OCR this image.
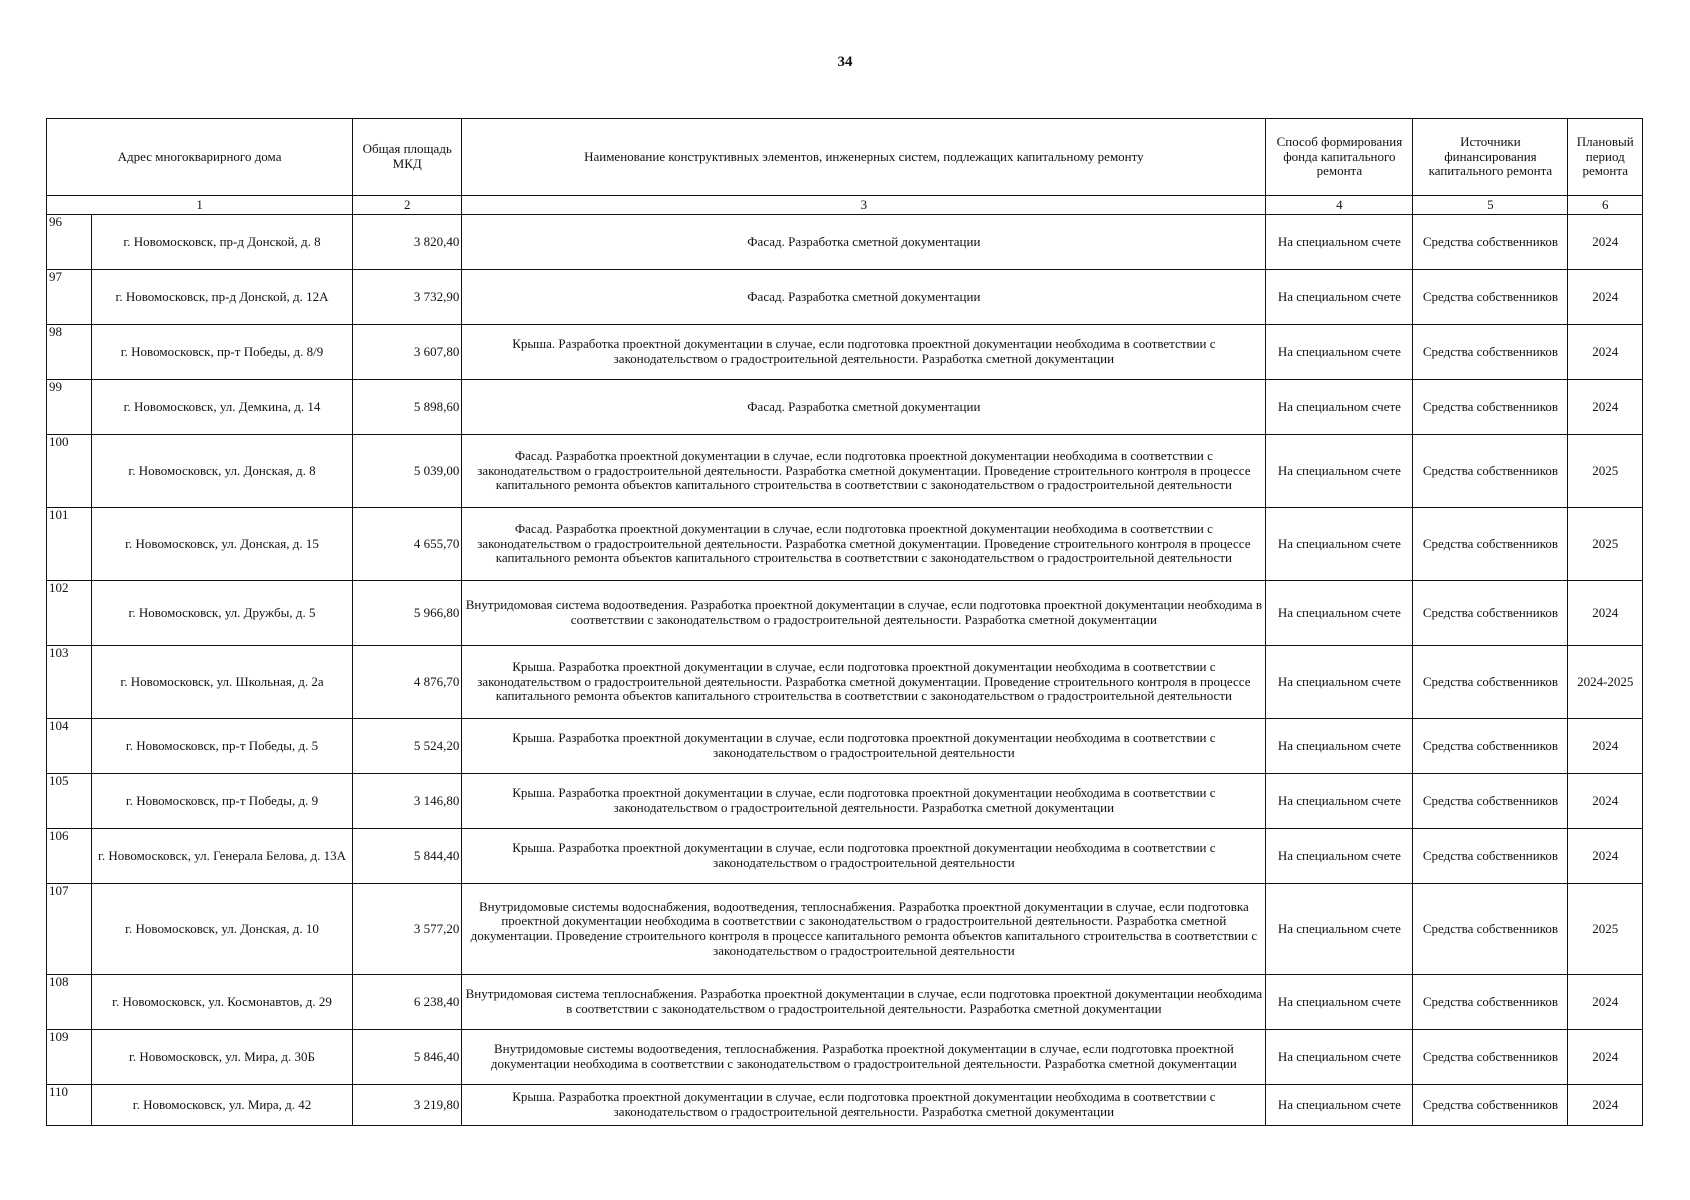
34
Адрес многокварирного дома		Общая площадь МКД	Наименование конструктивных элементов, инженерных систем, подлежащих капитальному ремонту	Способ формирования фонда капитального ремонта	Источники финансирования капитального ремонта	Плановый период ремонта
1		2	3	4	5	6
96	г. Новомосковск, пр-д Донской, д. 8	3 820,40	Фасад. Разработка сметной документации	На специальном счете	Средства собственников	2024
97	г. Новомосковск, пр-д Донской, д. 12А	3 732,90	Фасад. Разработка сметной документации	На специальном счете	Средства собственников	2024
98	г. Новомосковск, пр-т Победы, д. 8/9	3 607,80	Крыша. Разработка проектной документации в случае, если подготовка проектной документации необходима в соответствии с законодательством о градостроительной деятельности. Разработка сметной документации	На специальном счете	Средства собственников	2024
99	г. Новомосковск, ул. Демкина, д. 14	5 898,60	Фасад. Разработка сметной документации	На специальном счете	Средства собственников	2024
100	г. Новомосковск, ул. Донская, д. 8	5 039,00	Фасад. Разработка проектной документации в случае, если подготовка проектной документации необходима в соответствии с законодательством о градостроительной деятельности. Разработка сметной документации. Проведение строительного контроля в процессе капитального ремонта объектов капитального строительства в соответствии с законодательством о градостроительной деятельности	На специальном счете	Средства собственников	2025
101	г. Новомосковск, ул. Донская, д. 15	4 655,70	Фасад. Разработка проектной документации в случае, если подготовка проектной документации необходима в соответствии с законодательством о градостроительной деятельности. Разработка сметной документации. Проведение строительного контроля в процессе капитального ремонта объектов капитального строительства в соответствии с законодательством о градостроительной деятельности	На специальном счете	Средства собственников	2025
102	г. Новомосковск, ул. Дружбы, д. 5	5 966,80	Внутридомовая система водоотведения. Разработка проектной документации в случае, если подготовка проектной документации необходима в соответствии с законодательством о градостроительной деятельности. Разработка сметной документации	На специальном счете	Средства собственников	2024
103	г. Новомосковск, ул. Школьная, д. 2а	4 876,70	Крыша. Разработка проектной документации в случае, если подготовка проектной документации необходима в соответствии с законодательством о градостроительной деятельности. Разработка сметной документации. Проведение строительного контроля в процессе капитального ремонта объектов капитального строительства в соответствии с законодательством о градостроительной деятельности	На специальном счете	Средства собственников	2024-2025
104	г. Новомосковск, пр-т Победы, д. 5	5 524,20	Крыша. Разработка проектной документации в случае, если подготовка проектной документации необходима в соответствии с законодательством о градостроительной деятельности	На специальном счете	Средства собственников	2024
105	г. Новомосковск, пр-т Победы, д. 9	3 146,80	Крыша. Разработка проектной документации в случае, если подготовка проектной документации необходима в соответствии с законодательством о градостроительной деятельности. Разработка сметной документации	На специальном счете	Средства собственников	2024
106	г. Новомосковск, ул. Генерала Белова, д. 13А	5 844,40	Крыша. Разработка проектной документации в случае, если подготовка проектной документации необходима в соответствии с законодательством о градостроительной деятельности	На специальном счете	Средства собственников	2024
107	г. Новомосковск, ул. Донская, д. 10	3 577,20	Внутридомовые системы водоснабжения, водоотведения, теплоснабжения. Разработка проектной документации в случае, если подготовка проектной документации необходима в соответствии с законодательством о градостроительной деятельности. Разработка сметной документации. Проведение строительного контроля в процессе капитального ремонта объектов капитального строительства в соответствии с законодательством о градостроительной деятельности	На специальном счете	Средства собственников	2025
108	г. Новомосковск, ул. Космонавтов, д. 29	6 238,40	Внутридомовая система теплоснабжения. Разработка проектной документации в случае, если подготовка проектной документации необходима в соответствии с законодательством о градостроительной деятельности. Разработка сметной документации	На специальном счете	Средства собственников	2024
109	г. Новомосковск, ул. Мира, д. 30Б	5 846,40	Внутридомовые системы водоотведения, теплоснабжения. Разработка проектной документации в случае, если подготовка проектной документации необходима в соответствии с законодательством о градостроительной деятельности. Разработка сметной документации	На специальном счете	Средства собственников	2024
110	г. Новомосковск, ул. Мира, д. 42	3 219,80	Крыша. Разработка проектной документации в случае, если подготовка проектной документации необходима в соответствии с законодательством о градостроительной деятельности. Разработка сметной документации	На специальном счете	Средства собственников	2024
